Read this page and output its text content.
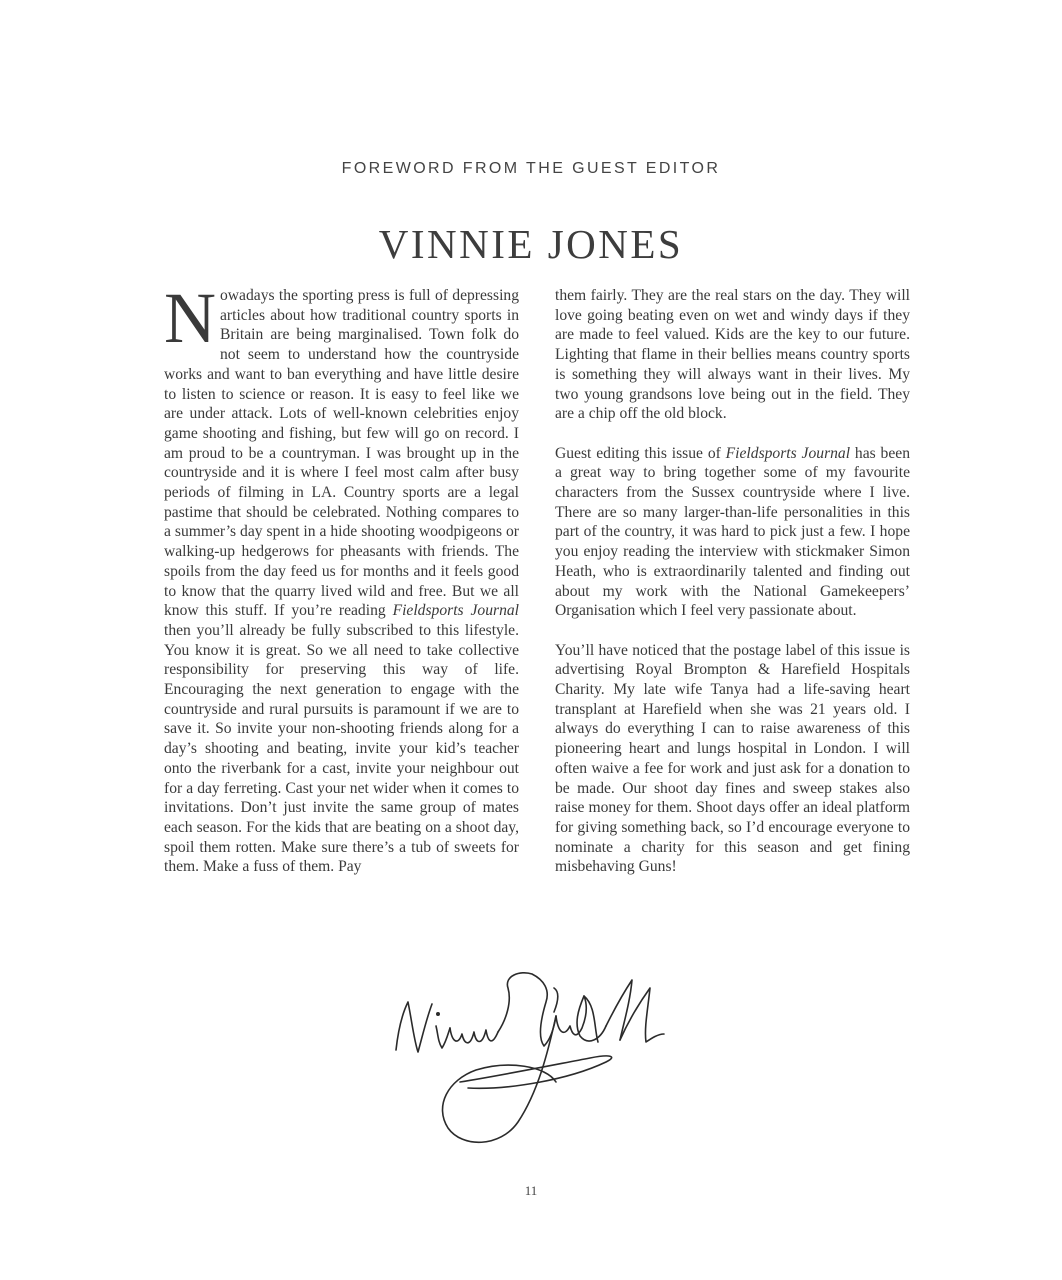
FOREWORD FROM THE GUEST EDITOR
VINNIE JONES

Nowadays the sporting press is full of depressing articles about how traditional country sports in Britain are being marginalised. Town folk do not seem to understand how the countryside works and want to ban everything and have little desire to listen to science or reason. It is easy to feel like we are under attack. Lots of well-known celebrities enjoy game shooting and fishing, but few will go on record. I am proud to be a countryman. I was brought up in the countryside and it is where I feel most calm after busy periods of filming in LA. Country sports are a legal pastime that should be celebrated. Nothing compares to a summer’s day spent in a hide shooting woodpigeons or walking-up hedgerows for pheasants with friends. The spoils from the day feed us for months and it feels good to know that the quarry lived wild and free. But we all know this stuff. If you’re reading Fieldsports Journal then you’ll already be fully subscribed to this lifestyle. You know it is great. So we all need to take collective responsibility for preserving this way of life. Encouraging the next generation to engage with the countryside and rural pursuits is paramount if we are to save it. So invite your non-shooting friends along for a day’s shooting and beating, invite your kid’s teacher onto the riverbank for a cast, invite your neighbour out for a day ferreting. Cast your net wider when it comes to invitations. Don’t just invite the same group of mates each season. For the kids that are beating on a shoot day, spoil them rotten. Make sure there’s a tub of sweets for them. Make a fuss of them. Pay

them fairly. They are the real stars on the day. They will love going beating even on wet and windy days if they are made to feel valued. Kids are the key to our future. Lighting that flame in their bellies means country sports is something they will always want in their lives. My two young grandsons love being out in the field. They are a chip off the old block.

Guest editing this issue of Fieldsports Journal has been a great way to bring together some of my favourite characters from the Sussex countryside where I live. There are so many larger-than-life personalities in this part of the country, it was hard to pick just a few. I hope you enjoy reading the interview with stickmaker Simon Heath, who is extraordinarily talented and finding out about my work with the National Gamekeepers’ Organisation which I feel very passionate about.

You’ll have noticed that the postage label of this issue is advertising Royal Brompton & Harefield Hospitals Charity. My late wife Tanya had a life-saving heart transplant at Harefield when she was 21 years old. I always do everything I can to raise awareness of this pioneering heart and lungs hospital in London. I will often waive a fee for work and just ask for a donation to be made. Our shoot day fines and sweep stakes also raise money for them. Shoot days offer an ideal platform for giving something back, so I’d encourage everyone to nominate a charity for this season and get fining misbehaving Guns!

11
